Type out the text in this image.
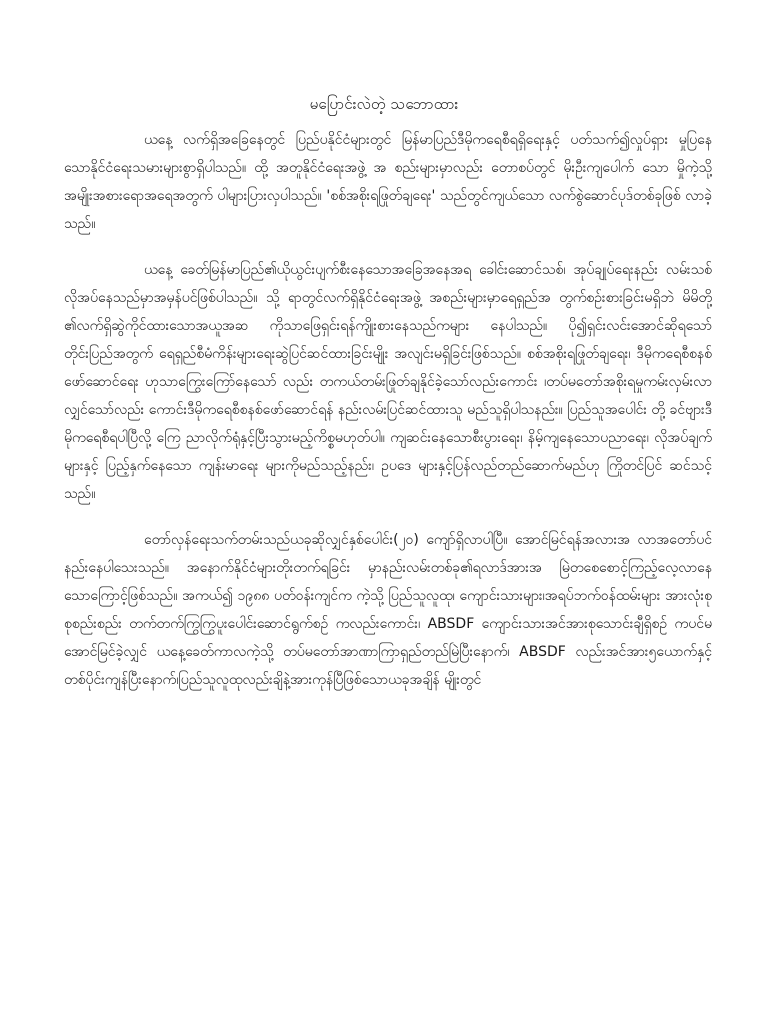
မပြောင်းလဲတဲ့ သဘောထား

ယနေ့ လက်ရှိအခြေနေတွင် ပြည်ပနိုင်ငံများတွင် မြန်မာပြည်ဒီမိုကရေစီရရှိရေးနှင့် ပတ်သက်၍လှုပ်ရှား မှုပြနေ သောနိုင်ငံရေးသမားများစွာရှိပါသည်။ ထို့ အတူနိုင်ငံရေးအဖွဲ့ အ စည်းများမှာလည်း တောစပ်တွင် မိုးဦးကျပေါက် သော မှိုကဲ့သို့ အမျိုးအစားရောအရေအတွက် ပါများပြားလှပါသည်။ 'စစ်အစိုးရဖြုတ်ချရေး' သည်တွင်ကျယ်သော လက်စွဲဆောင်ပုဒ်တစ်ခုဖြစ် လာခဲ့သည်။

ယနေ့ ခေတ်မြန်မာပြည်၏ယိုယွင်းပျက်စီးနေသောအခြေအနေအရ ခေါင်းဆောင်သစ်၊ အုပ်ချုပ်ရေးနည်း လမ်းသစ်လိုအပ်နေသည်မှာအမှန်ပင်ဖြစ်ပါသည်။ သို့ ရာတွင်လက်ရှိနိုင်ငံရေးအဖွဲ့ အစည်းများမှာရေရှည်အ တွက်စဉ်းစားခြင်းမရှိဘဲ မိမိတို့ ၏လက်ရှိဆွဲကိုင်ထားသောအယူအဆ ကိုသာဖြေရှင်းရန်ကျိုးစားနေသည်ကများ နေပါသည်။ ပို၍ရှင်းလင်းအောင်ဆိုရသော် တိုင်းပြည်အတွက် ရေရှည်စီမံကိန်းများရေးဆွဲပြင်ဆင်ထားခြင်းမျိုး အလျင်းမရှိခြင်းဖြစ်သည်။ စစ်အစိုးရဖြုတ်ချရေး၊ ဒီမိုကရေစီစနစ်ဖော်ဆောင်ရေး ဟုသာကြွေးကြော်နေသော် လည်း တကယ်တမ်းဖြုတ်ချနိုင်ခဲ့သော်လည်းကောင်း ၊တပ်မတော်အစိုးရမှုကမ်းလှမ်းလာလျှင်သော်လည်း ကောင်းဒီမိုကရေစီစနစ်ဖော်ဆောင်ရန် နည်းလမ်းပြင်ဆင်ထားသူ မည်သူရှိပါသနည်း။ ပြည်သူအပေါင်း တို့ ခင်ဗျားဒီမိုကရေစီရပါပြီလို့ ကြေ ညာလိုက်ရုံနှင့်ပြီးသွားမည့်ကိစ္စမဟုတ်ပါ။ ကျဆင်းနေသောစီးပွားရေး၊ နိမ့်ကျနေသောပညာရေး၊ လိုအပ်ချက်များနှင့် ပြည့်နှက်နေသော ကျန်းမာရေး များကိုမည်သည့်နည်း၊ ဥပဒေ များနှင့်ပြန်လည်တည်ဆောက်မည်ဟု ကြိုတင်ပြင် ဆင်သင့်သည်။

တော်လှန်ရေးသက်တမ်းသည်ယခုဆိုလျှင်နှစ်ပေါင်း(၂၀) ကျော်ရှိလာပါပြီ။ အောင်မြင်ရန်အလားအ လာအတော်ပင်နည်းနေပါသေးသည်။ အနောက်နိုင်ငံများတိုးတက်ရခြင်း မှာနည်းလမ်းတစ်ခု၏ရလာဒ်အားအ မြဲတစေစောင့်ကြည့်လေ့လာနေသောကြောင့်ဖြစ်သည်။ အကယ်၍ ၁၉၈၈ ပတ်ဝန်းကျင်က ကဲ့သို့ ပြည်သူလူထု၊ ကျောင်းသားများ၊အရပ်ဘက်ဝန်ထမ်းများ အားလုံးစုစုစည်းစည်း တက်တက်ကြွကြွပူးပေါင်းဆောင်ရွက်စဉ် ကလည်းကောင်း၊ ABSDF ကျောင်းသားအင်အားစုသောင်းချီရှိစဉ် ကပင်မအောင်မြင်ခဲ့လျှင် ယနေ့ခေတ်ကာလကဲ့သို့ တပ်မတော်အာဏာကြာရှည်တည်မြဲပြီးနောက်၊ ABSDF လည်းအင်အား၅ယောက်နှင့် တစ်ပိုင်းကျန်ပြီးနောက်၊ပြည်သူလူထုလည်းချိနဲ့အားကုန်ပြီဖြစ်သောယခုအချိန် မျိုးတွင်
